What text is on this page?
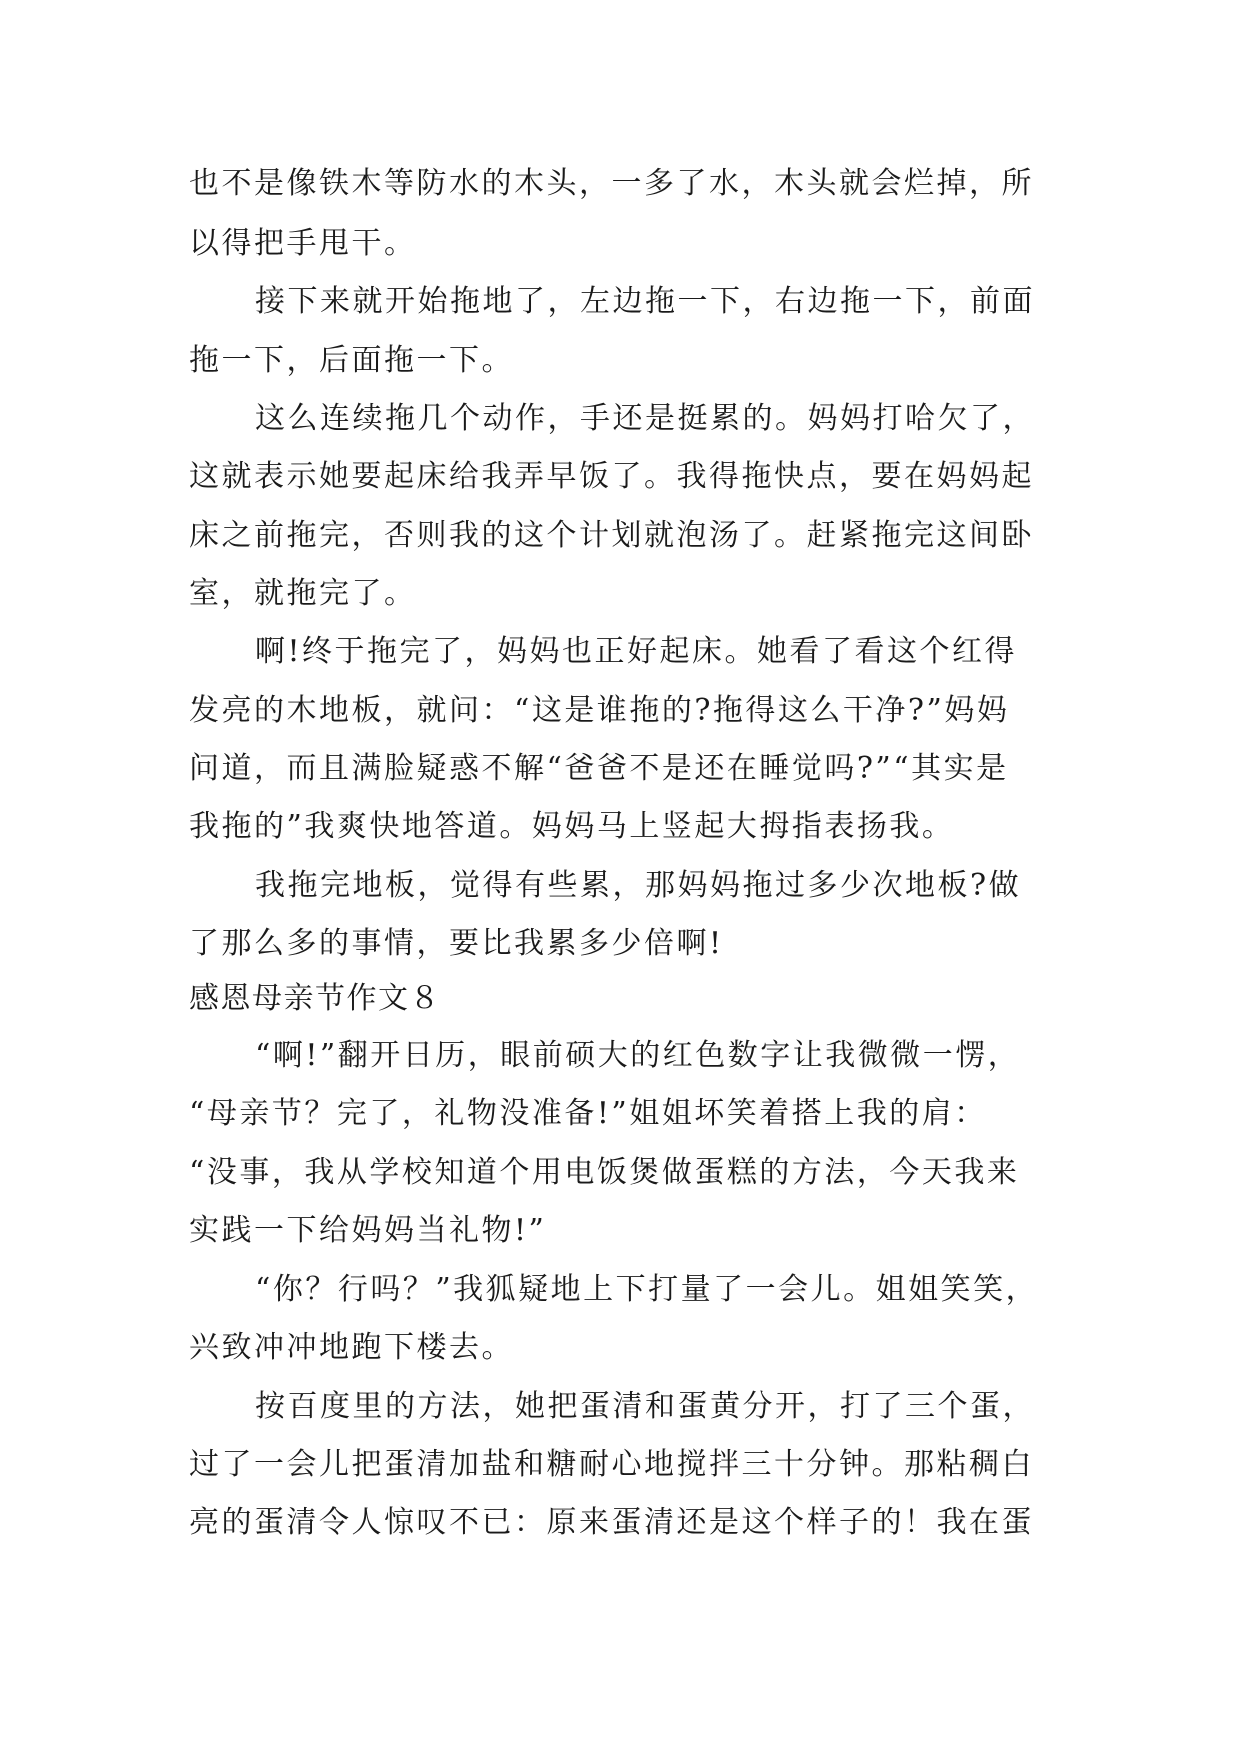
也不是像铁木等防水的木头，一多了水，木头就会烂掉，所
以得把手甩干。
接下来就开始拖地了，左边拖一下，右边拖一下，前面
拖一下，后面拖一下。
这么连续拖几个动作，手还是挺累的。妈妈打哈欠了，
这就表示她要起床给我弄早饭了。我得拖快点，要在妈妈起
床之前拖完，否则我的这个计划就泡汤了。赶紧拖完这间卧
室，就拖完了。
啊!终于拖完了，妈妈也正好起床。她看了看这个红得
发亮的木地板，就问：“这是谁拖的?拖得这么干净?”妈妈
问道，而且满脸疑惑不解“爸爸不是还在睡觉吗?”“其实是
我拖的”我爽快地答道。妈妈马上竖起大拇指表扬我。
我拖完地板，觉得有些累，那妈妈拖过多少次地板?做
了那么多的事情，要比我累多少倍啊!
感恩母亲节作文８
“啊!”翻开日历，眼前硕大的红色数字让我微微一愣，
“母亲节？完了，礼物没准备!”姐姐坏笑着搭上我的肩：
“没事，我从学校知道个用电饭煲做蛋糕的方法，今天我来
实践一下给妈妈当礼物!”
“你？行吗？”我狐疑地上下打量了一会儿。姐姐笑笑，
兴致冲冲地跑下楼去。
按百度里的方法，她把蛋清和蛋黄分开，打了三个蛋，
过了一会儿把蛋清加盐和糖耐心地搅拌三十分钟。那粘稠白
亮的蛋清令人惊叹不已：原来蛋清还是这个样子的！我在蛋
